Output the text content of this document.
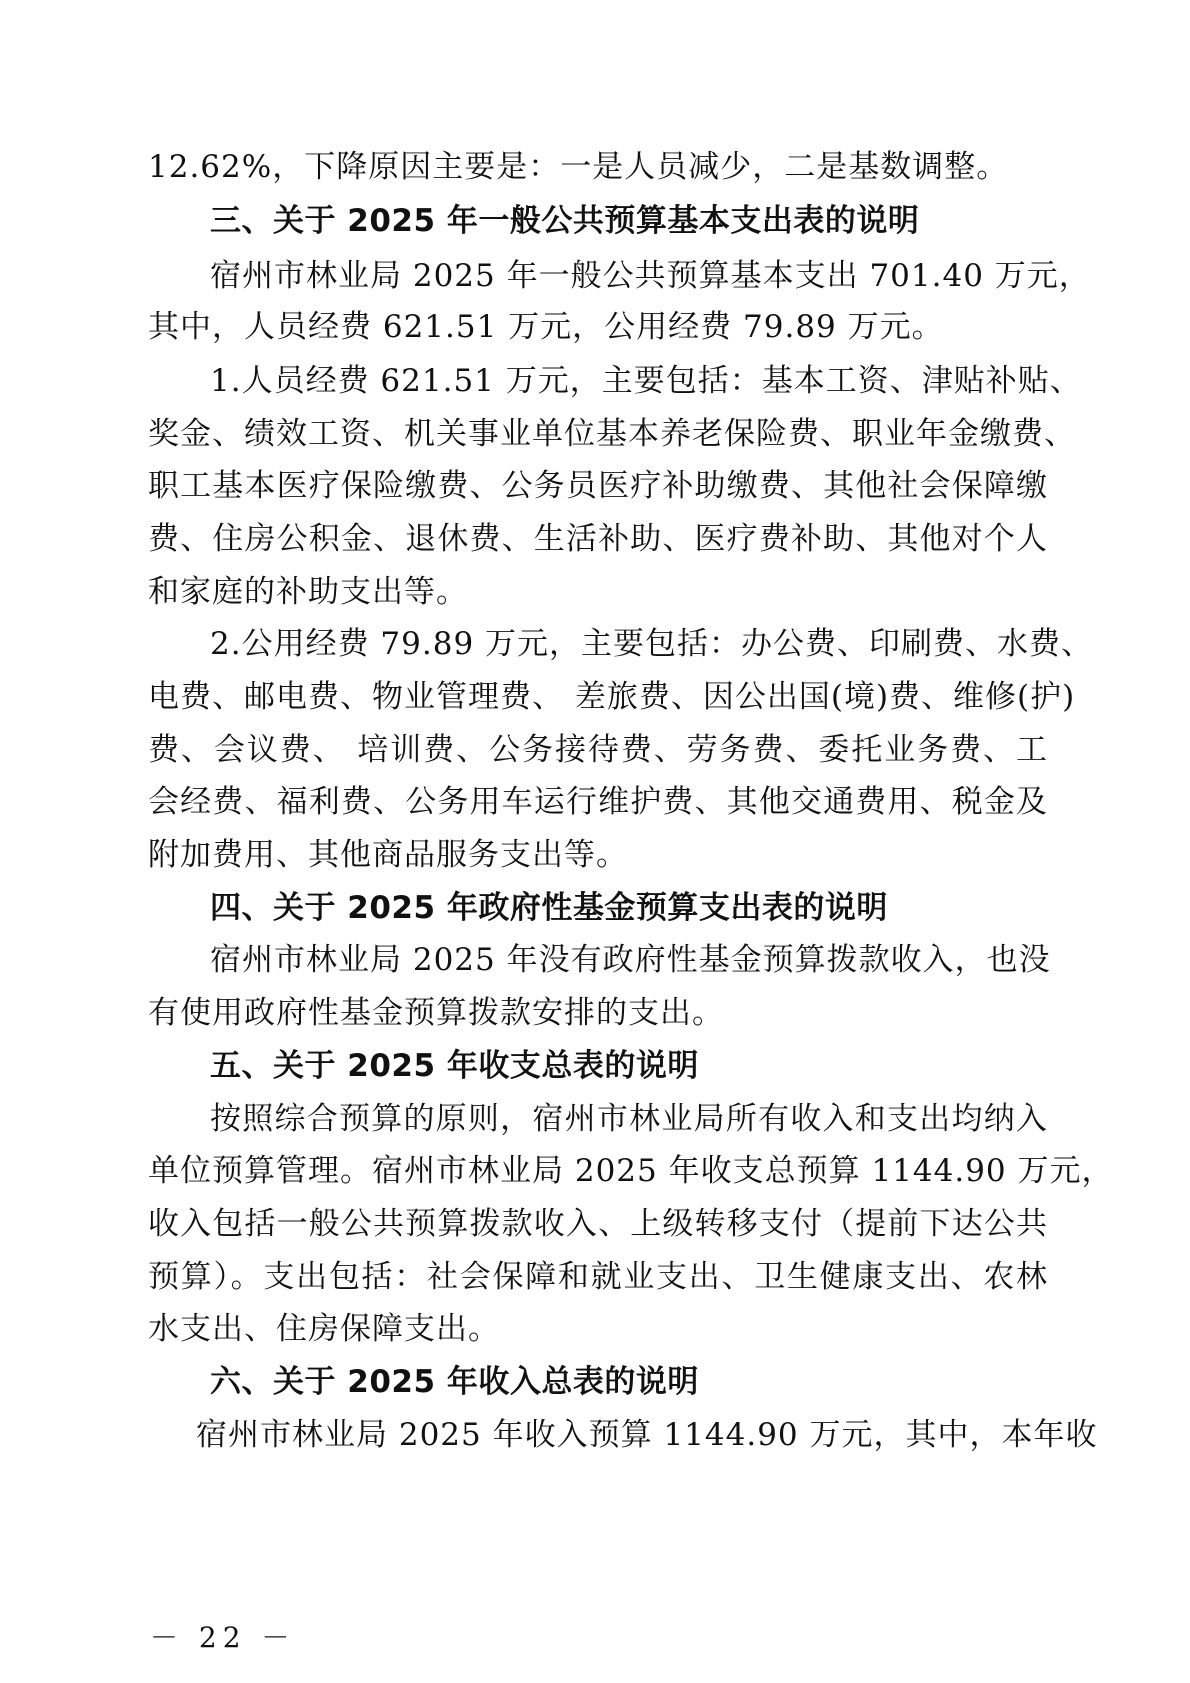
12.62%，下降原因主要是：一是人员减少，二是基数调整。
三、关于 2025 年一般公共预算基本支出表的说明
宿州市林业局 2025 年一般公共预算基本支出 701.40 万元，
其中，人员经费 621.51 万元，公用经费 79.89 万元。
1.人员经费 621.51 万元，主要包括：基本工资、津贴补贴、
奖金、绩效工资、机关事业单位基本养老保险费、职业年金缴费、
职工基本医疗保险缴费、公务员医疗补助缴费、其他社会保障缴
费、住房公积金、退休费、生活补助、医疗费补助、其他对个人
和家庭的补助支出等。
2.公用经费 79.89 万元，主要包括：办公费、印刷费、水费、
电费、邮电费、物业管理费、 差旅费、因公出国(境)费、维修(护)
费、会议费、 培训费、公务接待费、劳务费、委托业务费、工
会经费、福利费、公务用车运行维护费、其他交通费用、税金及
附加费用、其他商品服务支出等。
四、关于 2025 年政府性基金预算支出表的说明
宿州市林业局 2025 年没有政府性基金预算拨款收入，也没
有使用政府性基金预算拨款安排的支出。
五、关于 2025 年收支总表的说明
按照综合预算的原则，宿州市林业局所有收入和支出均纳入
单位预算管理。宿州市林业局 2025 年收支总预算 1144.90 万元，
收入包括一般公共预算拨款收入、上级转移支付（提前下达公共
预算）。支出包括：社会保障和就业支出、卫生健康支出、农林
水支出、住房保障支出。
六、关于 2025 年收入总表的说明
宿州市林业局 2025 年收入预算 1144.90 万元，其中，本年收
－ 22 －
